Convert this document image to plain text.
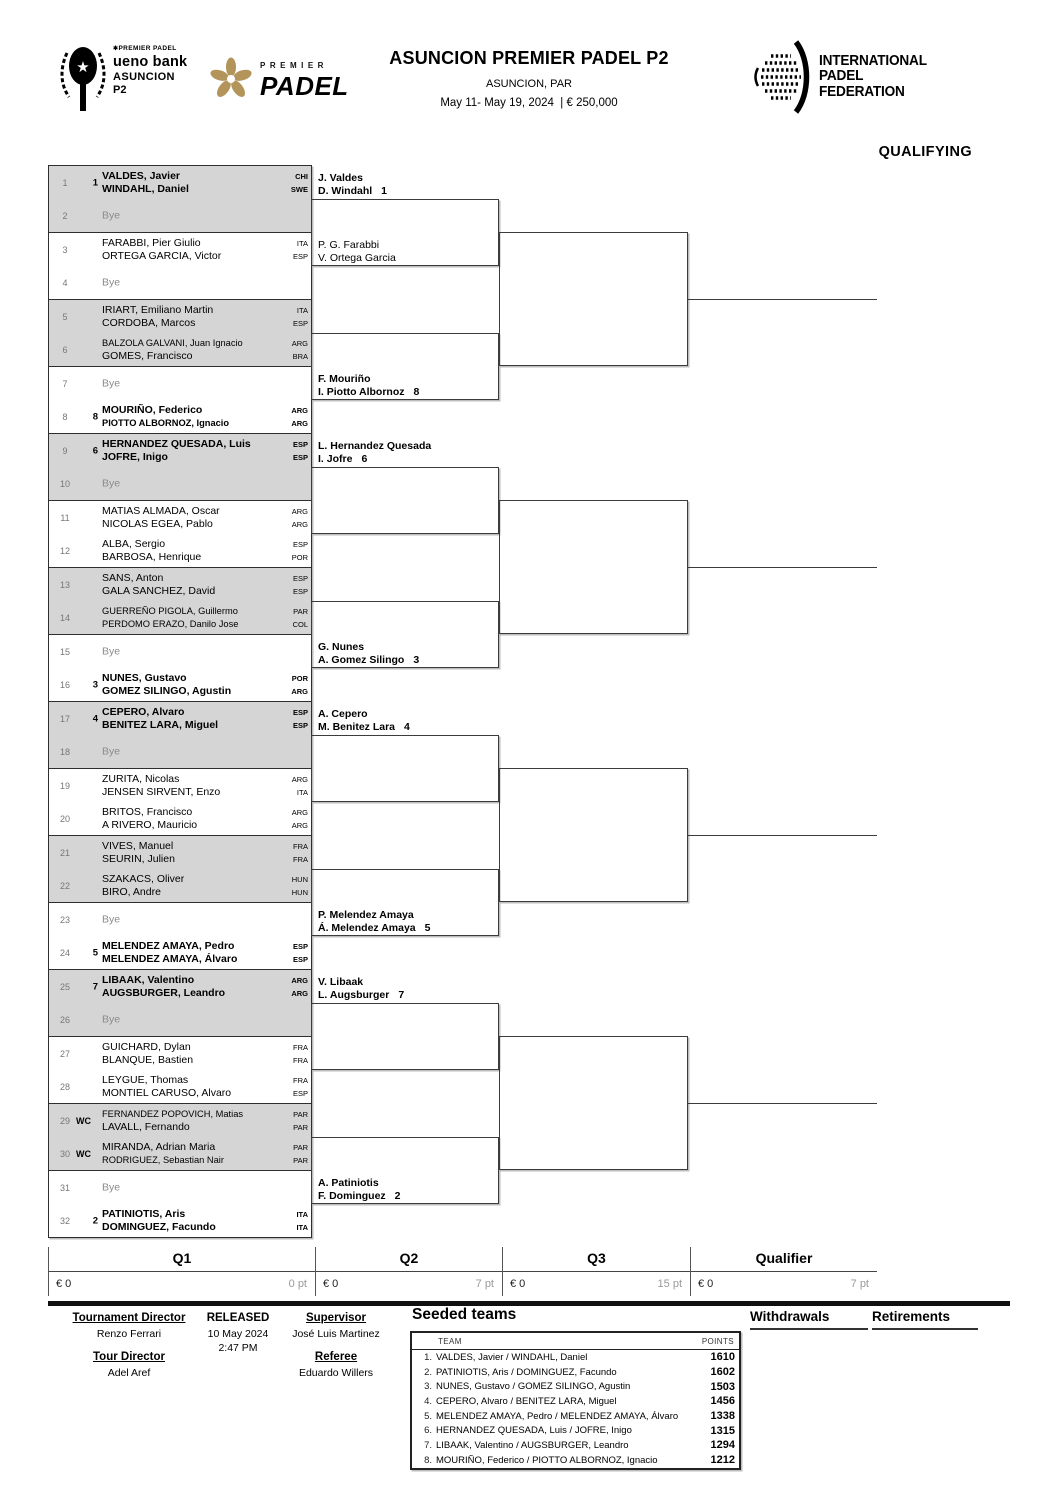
★
✱PREMIER PADEL
ueno bank
ASUNCION
P2
PREMIER
PADEL
ASUNCION PREMIER PADEL P2
ASUNCION, PAR
May 11- May 19, 2024 | € 250,000
INTERNATIONAL
PADEL
FEDERATION
QUALIFYING
1	1
VALDES, Javier
WINDAHL, Daniel
CHI
SWE
2	Bye
3
FARABBI, Pier Giulio
ORTEGA GARCIA, Victor
ITA
ESP
4	Bye
5
IRIART, Emiliano Martin
CORDOBA, Marcos
ITA
ESP
6
BALZOLA GALVANI, Juan Ignacio
GOMES, Francisco
ARG
BRA
7	Bye
8	8
MOURIÑO, Federico
PIOTTO ALBORNOZ, Ignacio
ARG
ARG
9	6
HERNANDEZ QUESADA, Luis
JOFRE, Inigo
ESP
ESP
10	Bye
11
MATIAS ALMADA, Oscar
NICOLAS EGEA, Pablo
ARG
ARG
12
ALBA, Sergio
BARBOSA, Henrique
ESP
POR
13
SANS, Anton
GALA SANCHEZ, David
ESP
ESP
14
GUERREÑO PIGOLA, Guillermo
PERDOMO ERAZO, Danilo Jose
PAR
COL
15	Bye
16	3
NUNES, Gustavo
GOMEZ SILINGO, Agustin
POR
ARG
17	4
CEPERO, Alvaro
BENITEZ LARA, Miguel
ESP
ESP
18	Bye
19
ZURITA, Nicolas
JENSEN SIRVENT, Enzo
ARG
ITA
20
BRITOS, Francisco
A RIVERO, Mauricio
ARG
ARG
21
VIVES, Manuel
SEURIN, Julien
FRA
FRA
22
SZAKACS, Oliver
BIRO, Andre
HUN
HUN
23	Bye
24	5
MELENDEZ AMAYA, Pedro
MELENDEZ AMAYA, Álvaro
ESP
ESP
25	7
LIBAAK, Valentino
AUGSBURGER, Leandro
ARG
ARG
26	Bye
27
GUICHARD, Dylan
BLANQUE, Bastien
FRA
FRA
28
LEYGUE, Thomas
MONTIEL CARUSO, Alvaro
FRA
ESP
29 WC
FERNANDEZ POPOVICH, Matias
LAVALL, Fernando
PAR
PAR
30 WC
MIRANDA, Adrian Maria
RODRIGUEZ, Sebastian Nair
PAR
PAR
31	Bye
32	2
PATINIOTIS, Aris
DOMINGUEZ, Facundo
ITA
ITA
J. Valdes
D. Windahl 1
P. G. Farabbi
V. Ortega Garcia
F. Mouriño
I. Piotto Albornoz 8
L. Hernandez Quesada
I. Jofre 6
G. Nunes
A. Gomez Silingo 3
A. Cepero
M. Benitez Lara 4
P. Melendez Amaya
Á. Melendez Amaya 5
V. Libaak
L. Augsburger 7
A. Patiniotis
F. Dominguez 2
Q1
€ 0	0 pt
Q2
€ 0	7 pt
Q3
€ 0	15 pt
Qualifier
€ 0	7 pt
Tournament Director
Renzo Ferrari
Tour Director
Adel Aref
RELEASED
10 May 2024
2:47 PM
Supervisor
José Luis Martinez
Referee
Eduardo Willers
Seeded teams
TEAM	POINTS
1. VALDES, Javier / WINDAHL, Daniel	1610
2. PATINIOTIS, Aris / DOMINGUEZ, Facundo	1602
3. NUNES, Gustavo / GOMEZ SILINGO, Agustin	1503
4. CEPERO, Alvaro / BENITEZ LARA, Miguel	1456
5. MELENDEZ AMAYA, Pedro / MELENDEZ AMAYA, Álvaro	1338
6. HERNANDEZ QUESADA, Luis / JOFRE, Inigo	1315
7. LIBAAK, Valentino / AUGSBURGER, Leandro	1294
8. MOURIÑO, Federico / PIOTTO ALBORNOZ, Ignacio	1212
Withdrawals	Retirements
